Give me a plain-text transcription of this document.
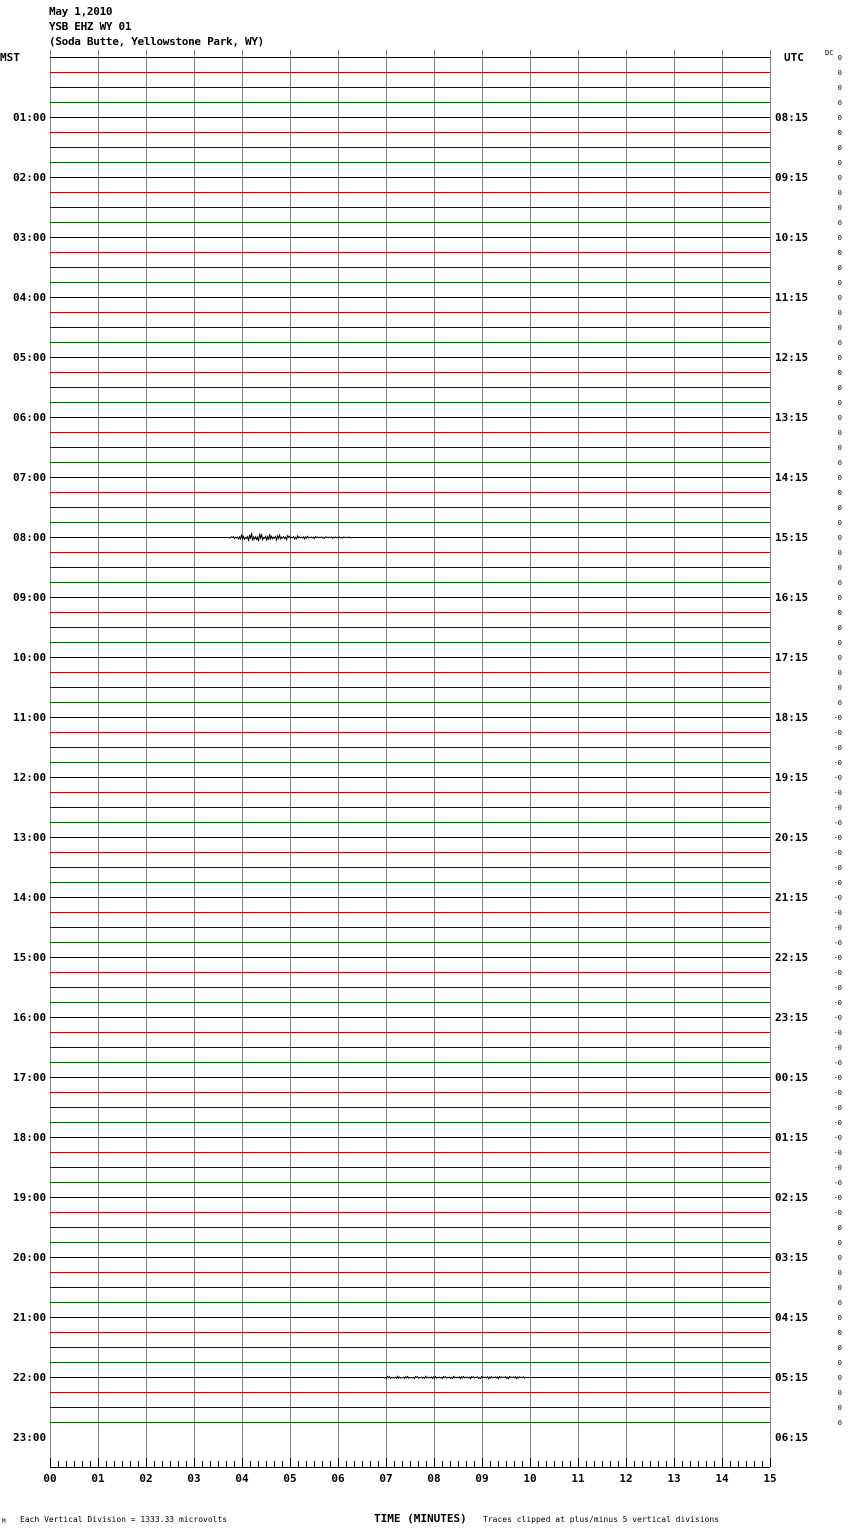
01:00
02:00
03:00
04:00
05:00
06:00
07:00
08:00
09:00
10:00
11:00
12:00
13:00
14:00
15:00
16:00
17:00
18:00
19:00
20:00
21:00
22:00
23:00
08:15
09:15
10:15
11:15
12:15
13:15
14:15
15:15
16:15
17:15
18:15
19:15
20:15
21:15
22:15
23:15
00:15
01:15
02:15
03:15
04:15
05:15
06:15
0
0
0
0
0
0
0
0
0
0
0
0
0
0
0
0
0
0
0
0
0
0
0
0
0
0
0
0
0
0
0
0
0
0
0
0
0
0
0
0
0
0
0
0
-0
-0
-0
-0
-0
-0
-0
-0
-0
-0
-0
-0
-0
-0
-0
-0
-0
-0
-0
-0
-0
-0
-0
-0
-0
-0
-0
-0
-0
-0
-0
-0
-0
-0
0
0
0
0
0
0
0
0
0
0
0
0
0
0
00	01	02	03	04	05	06	07	08	09	10	11	12	13	14	15
May 1,2010
YSB EHZ WY 01
(Soda Butte, Yellowstone Park, WY)
MST	UTC	DC
M Each Vertical Division = 1333.33 microvolts	TIME (MINUTES) Traces clipped at plus/minus 5 vertical divisions
